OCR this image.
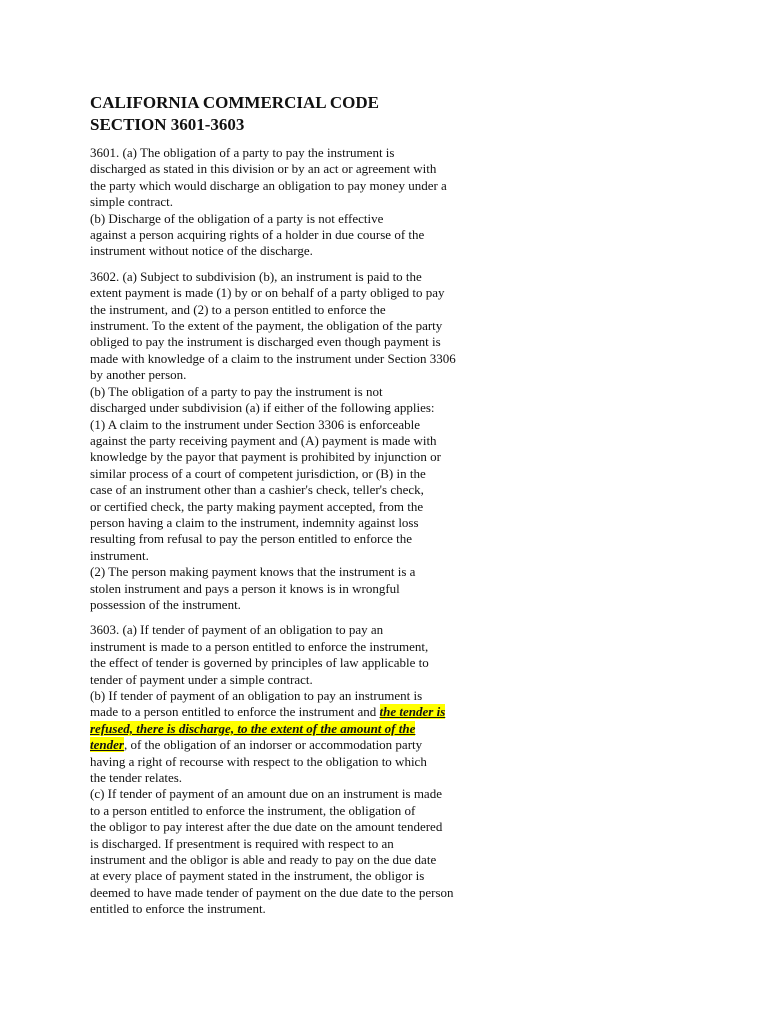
CALIFORNIA COMMERCIAL CODE
SECTION 3601-3603
3601. (a) The obligation of a party to pay the instrument is
discharged as stated in this division or by an act or agreement with
the party which would discharge an obligation to pay money under a
simple contract.
(b) Discharge of the obligation of a party is not effective
against a person acquiring rights of a holder in due course of the
instrument without notice of the discharge.
3602. (a) Subject to subdivision (b), an instrument is paid to the
extent payment is made (1) by or on behalf of a party obliged to pay
the instrument, and (2) to a person entitled to enforce the
instrument. To the extent of the payment, the obligation of the party
obliged to pay the instrument is discharged even though payment is
made with knowledge of a claim to the instrument under Section 3306
by another person.
(b) The obligation of a party to pay the instrument is not
discharged under subdivision (a) if either of the following applies:
(1) A claim to the instrument under Section 3306 is enforceable
against the party receiving payment and (A) payment is made with
knowledge by the payor that payment is prohibited by injunction or
similar process of a court of competent jurisdiction, or (B) in the
case of an instrument other than a cashier's check, teller's check,
or certified check, the party making payment accepted, from the
person having a claim to the instrument, indemnity against loss
resulting from refusal to pay the person entitled to enforce the
instrument.
(2) The person making payment knows that the instrument is a
stolen instrument and pays a person it knows is in wrongful
possession of the instrument.
3603. (a) If tender of payment of an obligation to pay an
instrument is made to a person entitled to enforce the instrument,
the effect of tender is governed by principles of law applicable to
tender of payment under a simple contract.
(b) If tender of payment of an obligation to pay an instrument is
made to a person entitled to enforce the instrument and the tender is
refused, there is discharge, to the extent of the amount of the
tender, of the obligation of an indorser or accommodation party
having a right of recourse with respect to the obligation to which
the tender relates.
(c) If tender of payment of an amount due on an instrument is made
to a person entitled to enforce the instrument, the obligation of
the obligor to pay interest after the due date on the amount tendered
is discharged. If presentment is required with respect to an
instrument and the obligor is able and ready to pay on the due date
at every place of payment stated in the instrument, the obligor is
deemed to have made tender of payment on the due date to the person
entitled to enforce the instrument.
